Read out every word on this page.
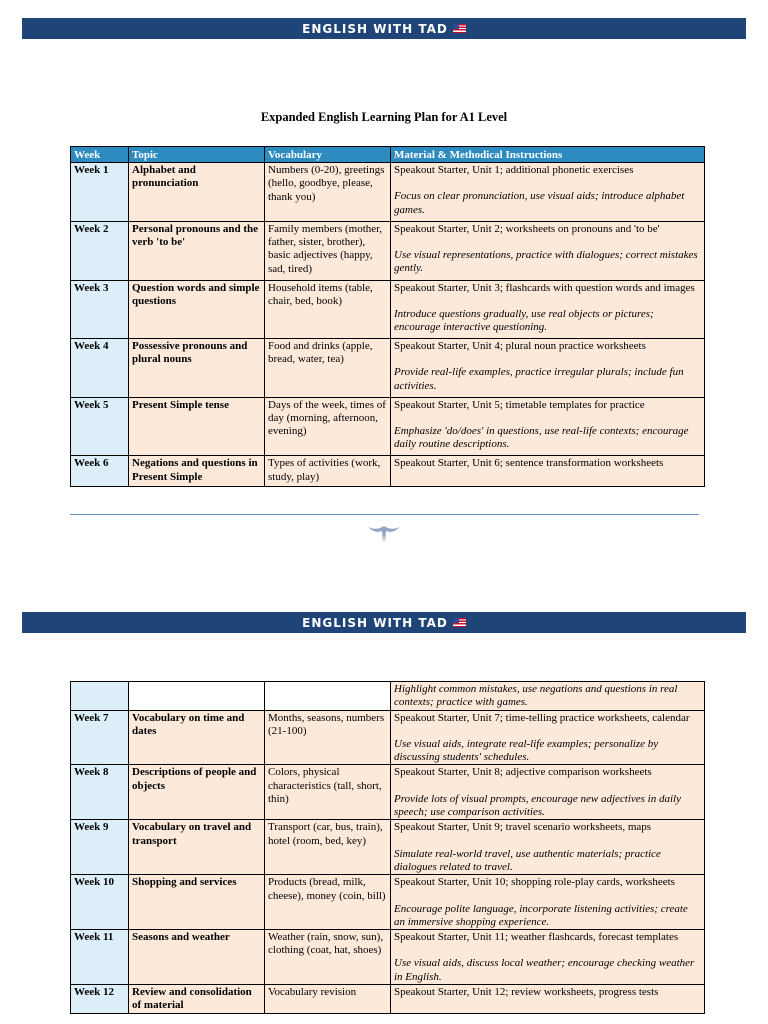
ENGLISH WITH TAD
Expanded English Learning Plan for A1 Level
Week	Topic	Vocabulary	Material & Methodical Instructions
Week 1	Alphabet and pronunciation	Numbers (0-20), greetings (hello, goodbye, please, thank you)	Speakout Starter, Unit 1; additional phonetic exercises
Focus on clear pronunciation, use visual aids; introduce alphabet games.

Week 2	Personal pronouns and the verb 'to be'	Family members (mother, father, sister, brother), basic adjectives (happy, sad, tired)	Speakout Starter, Unit 2; worksheets on pronouns and 'to be'
Use visual representations, practice with dialogues; correct mistakes gently.

Week 3	Question words and simple questions	Household items (table, chair, bed, book)	Speakout Starter, Unit 3; flashcards with question words and images
Introduce questions gradually, use real objects or pictures; encourage interactive questioning.

Week 4	Possessive pronouns and plural nouns	Food and drinks (apple, bread, water, tea)	Speakout Starter, Unit 4; plural noun practice worksheets
Provide real-life examples, practice irregular plurals; include fun activities.

Week 5	Present Simple tense	Days of the week, times of day (morning, afternoon, evening)	Speakout Starter, Unit 5; timetable templates for practice
Emphasize 'do/does' in questions, use real-life contexts; encourage daily routine descriptions.

Week 6	Negations and questions in Present Simple	Types of activities (work, study, play)	Speakout Starter, Unit 6; sentence transformation worksheets
ENGLISH WITH TAD

			Highlight common mistakes, use negations and questions in real contexts; practice with games.

Week 7	Vocabulary on time and dates	Months, seasons, numbers (21-100)	Speakout Starter, Unit 7; time-telling practice worksheets, calendar
Use visual aids, integrate real-life examples; personalize by discussing students' schedules.

Week 8	Descriptions of people and objects	Colors, physical characteristics (tall, short, thin)	Speakout Starter, Unit 8; adjective comparison worksheets
Provide lots of visual prompts, encourage new adjectives in daily speech; use comparison activities.

Week 9	Vocabulary on travel and transport	Transport (car, bus, train), hotel (room, bed, key)	Speakout Starter, Unit 9; travel scenario worksheets, maps
Simulate real-world travel, use authentic materials; practice dialogues related to travel.

Week 10	Shopping and services	Products (bread, milk, cheese), money (coin, bill)	Speakout Starter, Unit 10; shopping role-play cards, worksheets
Encourage polite language, incorporate listening activities; create an immersive shopping experience.

Week 11	Seasons and weather	Weather (rain, snow, sun), clothing (coat, hat, shoes)	Speakout Starter, Unit 11; weather flashcards, forecast templates
Use visual aids, discuss local weather; encourage checking weather in English.

Week 12	Review and consolidation of material	Vocabulary revision	Speakout Starter, Unit 12; review worksheets, progress tests
